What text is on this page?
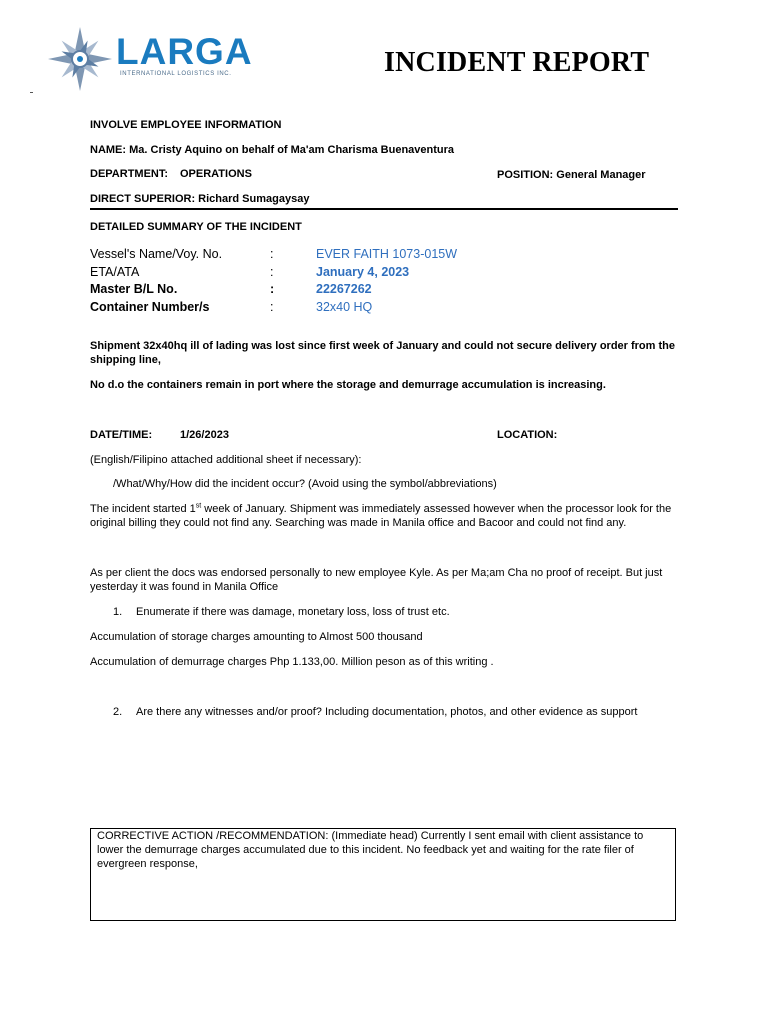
LARGA
INTERNATIONAL LOGISTICS INC.	INCIDENT REPORT
INVOLVE EMPLOYEE INFORMATION
NAME: Ma. Cristy Aquino on behalf of Ma'am Charisma Buenaventura
DEPARTMENT: OPERATIONS	POSITION: General Manager
DIRECT SUPERIOR: Richard Sumagaysay
DETAILED SUMMARY OF THE INCIDENT
Vessel's Name/Voy. No.	:	EVER FAITH 1073-015W
ETA/ATA	:	January 4, 2023
Master B/L No.	:	22267262
Container Number/s	:	32x40 HQ
Shipment 32x40hq ill of lading was lost since first week of January and could not secure delivery order from the shipping line,
No d.o the containers remain in port where the storage and demurrage accumulation is increasing.
DATE/TIME:	1/26/2023	LOCATION:
(English/Filipino attached additional sheet if necessary):
/What/Why/How did the incident occur? (Avoid using the symbol/abbreviations)
The incident started 1st week of January. Shipment was immediately assessed however when the processor look for the original billing they could not find any. Searching was made in Manila office and Bacoor and could not find any.
As per client the docs was endorsed personally to new employee Kyle. As per Ma;am Cha no proof of receipt. But just yesterday it was found in Manila Office
1. Enumerate if there was damage, monetary loss, loss of trust etc.
Accumulation of storage charges amounting to Almost 500 thousand
Accumulation of demurrage charges Php 1.133,00. Million peson as of this writing .
2. Are there any witnesses and/or proof? Including documentation, photos, and other evidence as support
CORRECTIVE ACTION /RECOMMENDATION: (Immediate head) Currently I sent email with client assistance to lower the demurrage charges accumulated due to this incident. No feedback yet and waiting for the rate filer of evergreen response,
